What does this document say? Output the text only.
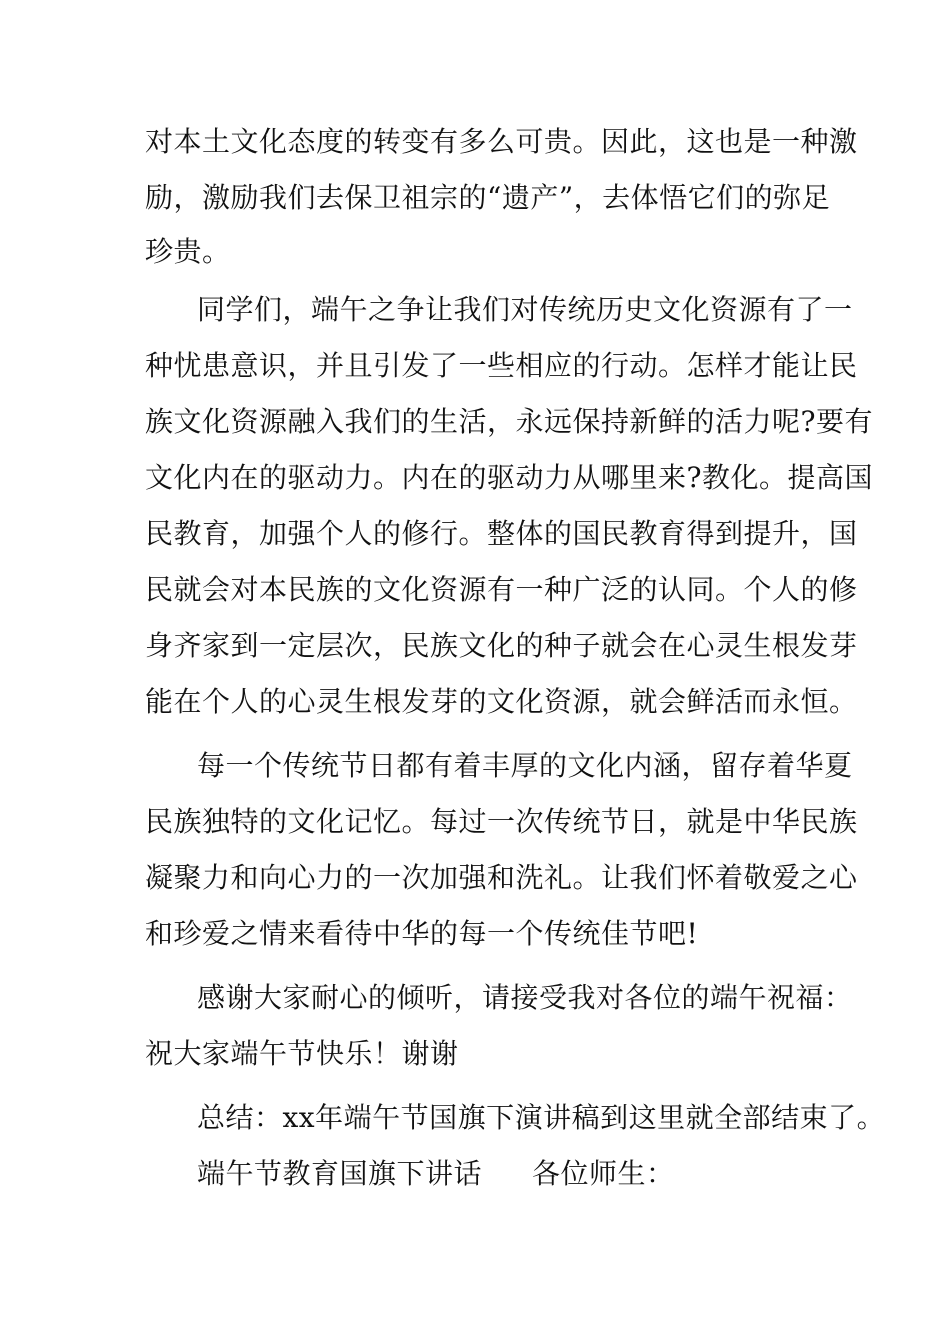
对本土文化态度的转变有多么可贵。因此，这也是一种激
励，激励我们去保卫祖宗的“遗产”，去体悟它们的弥足
珍贵。
同学们，端午之争让我们对传统历史文化资源有了一
种忧患意识，并且引发了一些相应的行动。怎样才能让民
族文化资源融入我们的生活，永远保持新鲜的活力呢?要有
文化内在的驱动力。内在的驱动力从哪里来?教化。提高国
民教育，加强个人的修行。整体的国民教育得到提升，国
民就会对本民族的文化资源有一种广泛的认同。个人的修
身齐家到一定层次，民族文化的种子就会在心灵生根发芽
能在个人的心灵生根发芽的文化资源，就会鲜活而永恒。
每一个传统节日都有着丰厚的文化内涵，留存着华夏
民族独特的文化记忆。每过一次传统节日，就是中华民族
凝聚力和向心力的一次加强和洗礼。让我们怀着敬爱之心
和珍爱之情来看待中华的每一个传统佳节吧!
感谢大家耐心的倾听，请接受我对各位的端午祝福：
祝大家端午节快乐！谢谢
总结：xx年端午节国旗下演讲稿到这里就全部结束了。
端午节教育国旗下讲话 各位师生：
